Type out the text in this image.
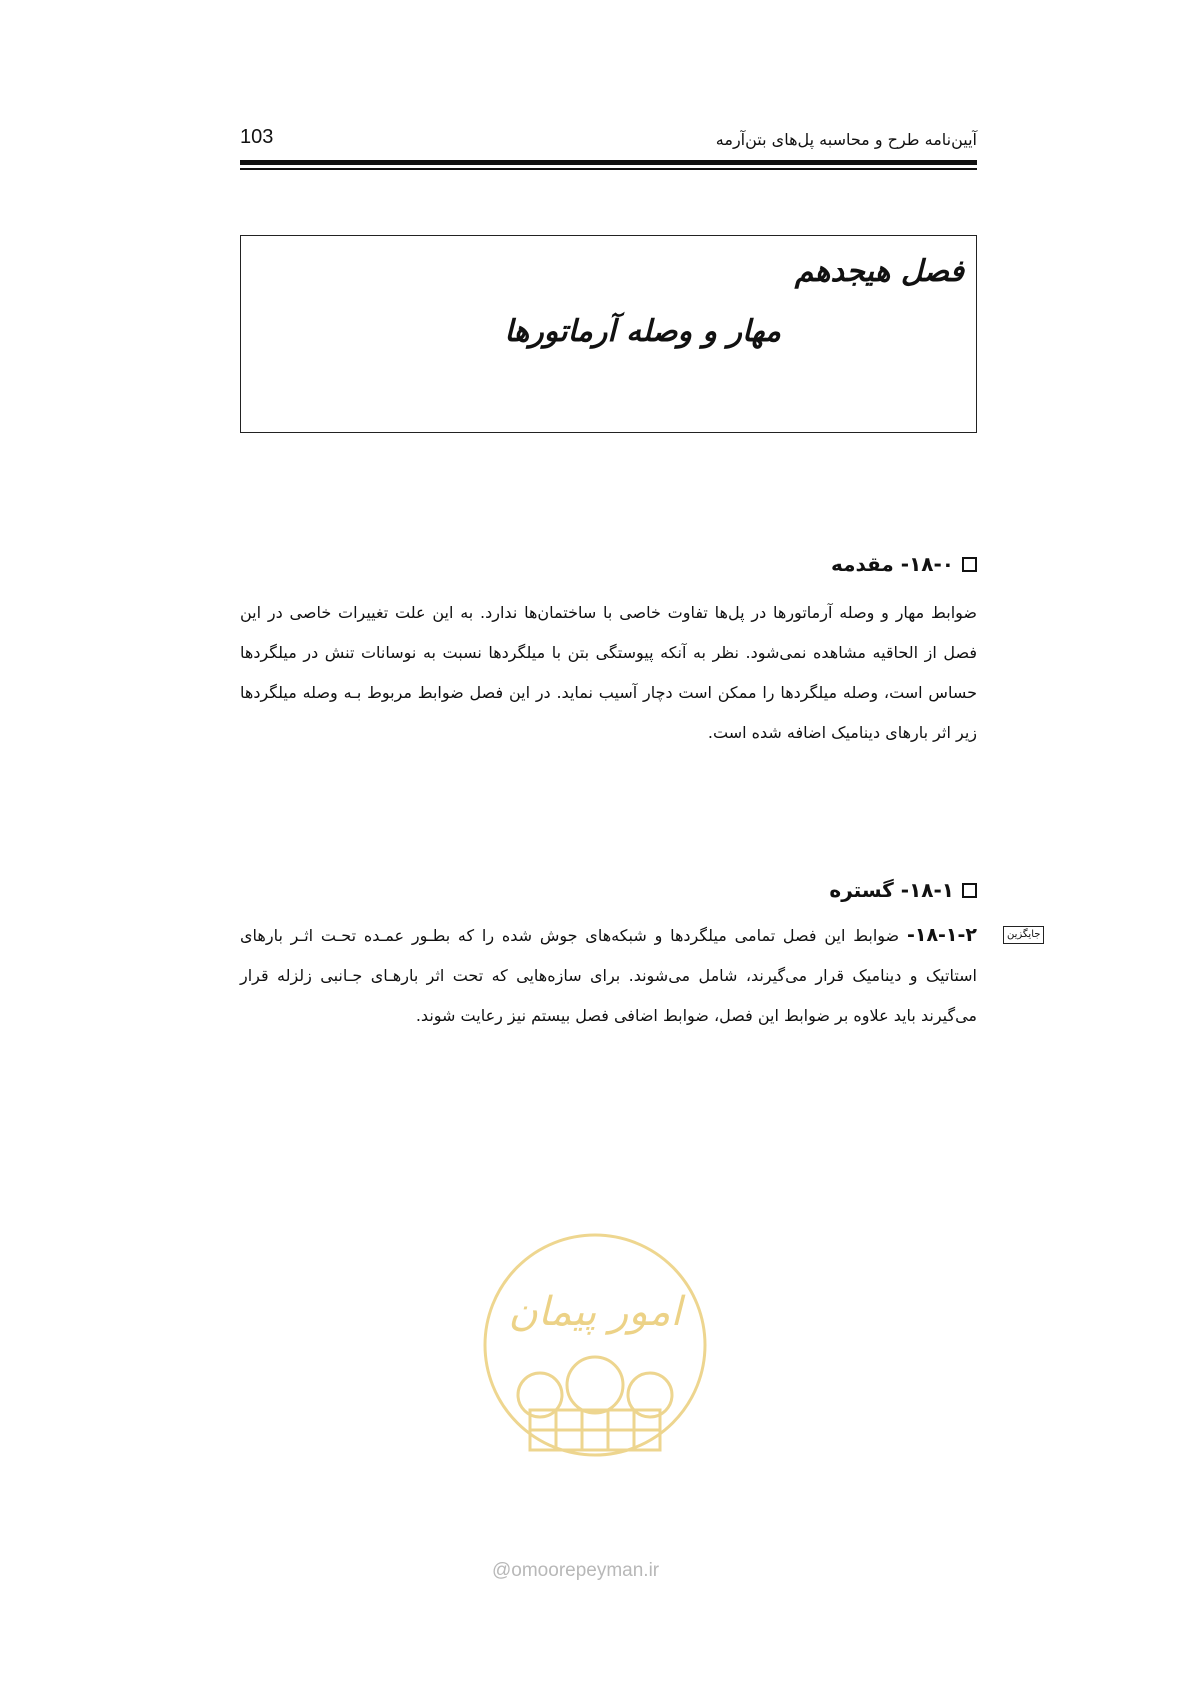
103	آیین‌نامه طرح و محاسبه پل‌های بتن‌آرمه
فصل هیجدهم
مهار و وصله آرماتورها
۱۸-۰- مقدمه
ضوابط مهار و وصله آرماتورها در پل‌ها تفاوت خاصی با ساختمان‌ها ندارد. به این علت تغییرات خاصی در این فصل از الحاقیه مشاهده نمی‌شود. نظر به آنکه پیوستگی بتن با میلگردها نسبت به نوسانات تنش در میلگردها حساس است، وصله میلگردها را ممکن است دچار آسیب نماید. در این فصل ضوابط مربوط بـه وصله میلگردها زیر اثر بارهای دینامیک اضافه شده است.
۱۸-۱- گستره
۱۸-۱-۲- ضوابط این فصل تمامی میلگردها و شبکه‌های جوش شده را که بطـور عمـده تحـت اثـر بارهای استاتیک و دینامیک قرار می‌گیرند، شامل می‌شوند. برای سازه‌هایی که تحت اثر بارهـای جـانبی زلزله قرار می‌گیرند باید علاوه بر ضوابط این فصل، ضوابط اضافی فصل بیستم نیز رعایت شوند.
جایگزین
امور پیمان
@omoorepeyman.ir
